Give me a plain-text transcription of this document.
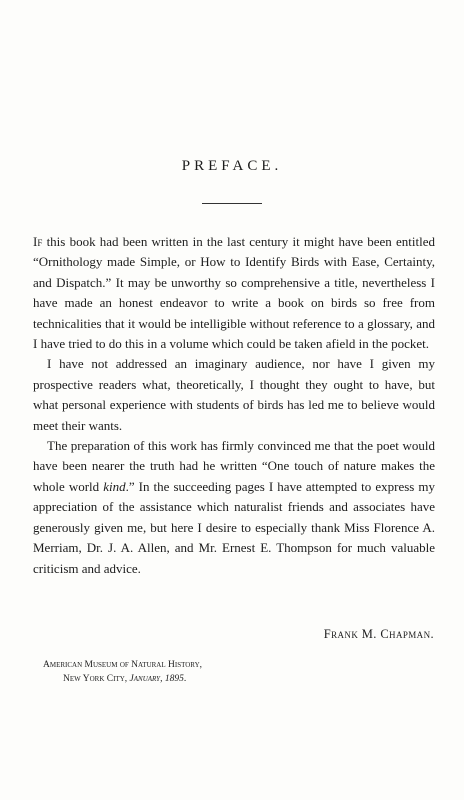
PREFACE.

If this book had been written in the last century it might have been entitled “Ornithology made Simple, or How to Identify Birds with Ease, Certainty, and Dispatch.” It may be unworthy so comprehensive a title, nevertheless I have made an honest endeavor to write a book on birds so free from technicalities that it would be intelligible without reference to a glossary, and I have tried to do this in a volume which could be taken afield in the pocket.

I have not addressed an imaginary audience, nor have I given my prospective readers what, theoretically, I thought they ought to have, but what personal experience with students of birds has led me to believe would meet their wants.

The preparation of this work has firmly convinced me that the poet would have been nearer the truth had he written “One touch of nature makes the whole world kind.” In the succeeding pages I have attempted to express my appreciation of the assistance which naturalist friends and associates have generously given me, but here I desire to especially thank Miss Florence A. Merriam, Dr. J. A. Allen, and Mr. Ernest E. Thompson for much valuable criticism and advice.

Frank M. Chapman.
American Museum of Natural History,
New York City, January, 1895.
